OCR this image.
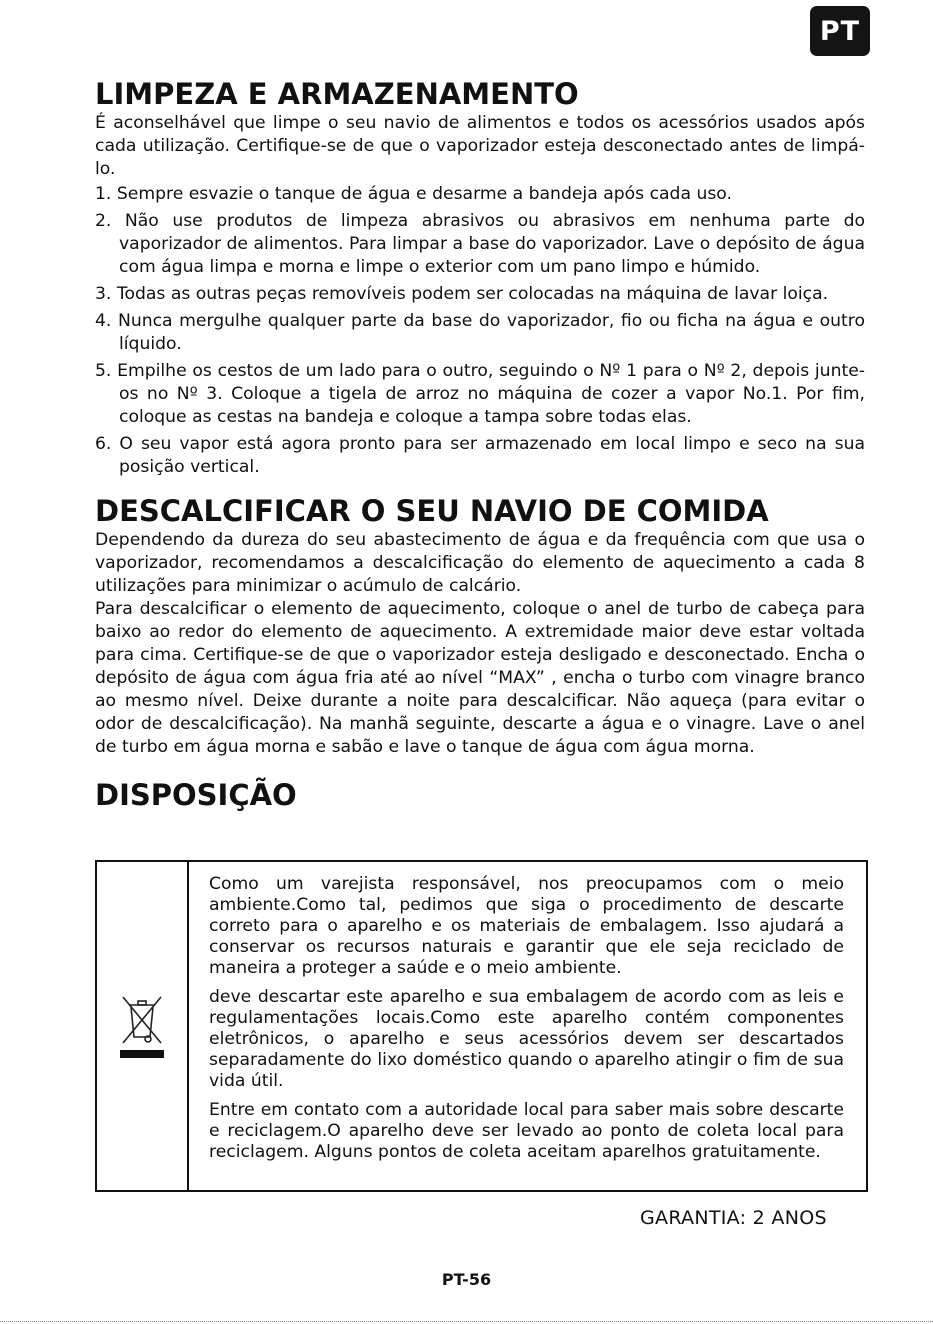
PT
LIMPEZA E ARMAZENAMENTO

É aconselhável que limpe o seu navio de alimentos e todos os acessórios usados após cada utilização. Certifique-se de que o vaporizador esteja desconectado antes de limpá-lo.

1. Sempre esvazie o tanque de água e desarme a bandeja após cada uso.
2. Não use produtos de limpeza abrasivos ou abrasivos em nenhuma parte do vaporizador de alimentos. Para limpar a base do vaporizador. Lave o depósito de água com água limpa e morna e limpe o exterior com um pano limpo e húmido.
3. Todas as outras peças removíveis podem ser colocadas na máquina de lavar loiça.
4. Nunca mergulhe qualquer parte da base do vaporizador, fio ou ficha na água e outro líquido.
5. Empilhe os cestos de um lado para o outro, seguindo o Nº 1 para o Nº 2, depois junte-os no Nº 3. Coloque a tigela de arroz no máquina de cozer a vapor No.1. Por fim, coloque as cestas na bandeja e coloque a tampa sobre todas elas.
6. O seu vapor está agora pronto para ser armazenado em local limpo e seco na sua posição vertical.
DESCALCIFICAR O SEU NAVIO DE COMIDA

Dependendo da dureza do seu abastecimento de água e da frequência com que usa o vaporizador, recomendamos a descalcificação do elemento de aquecimento a cada 8 utilizações para minimizar o acúmulo de calcário.

Para descalcificar o elemento de aquecimento, coloque o anel de turbo de cabeça para baixo ao redor do elemento de aquecimento. A extremidade maior deve estar voltada para cima. Certifique-se de que o vaporizador esteja desligado e desconectado. Encha o depósito de água com água fria até ao nível “MAX” , encha o turbo com vinagre branco ao mesmo nível. Deixe durante a noite para descalcificar. Não aqueça (para evitar o odor de descalcificação). Na manhã seguinte, descarte a água e o vinagre. Lave o anel de turbo em água morna e sabão e lave o tanque de água com água morna.

DISPOSIÇÃO

Como um varejista responsável, nos preocupamos com o meio ambiente.Como tal, pedimos que siga o procedimento de descarte correto para o aparelho e os materiais de embalagem. Isso ajudará a conservar os recursos naturais e garantir que ele seja reciclado de maneira a proteger a saúde e o meio ambiente.

deve descartar este aparelho e sua embalagem de acordo com as leis e regulamentações locais.Como este aparelho contém componentes eletrônicos, o aparelho e seus acessórios devem ser descartados separadamente do lixo doméstico quando o aparelho atingir o fim de sua vida útil.

Entre em contato com a autoridade local para saber mais sobre descarte e reciclagem.O aparelho deve ser levado ao ponto de coleta local para reciclagem. Alguns pontos de coleta aceitam aparelhos gratuitamente.

GARANTIA: 2 ANOS
PT-56
